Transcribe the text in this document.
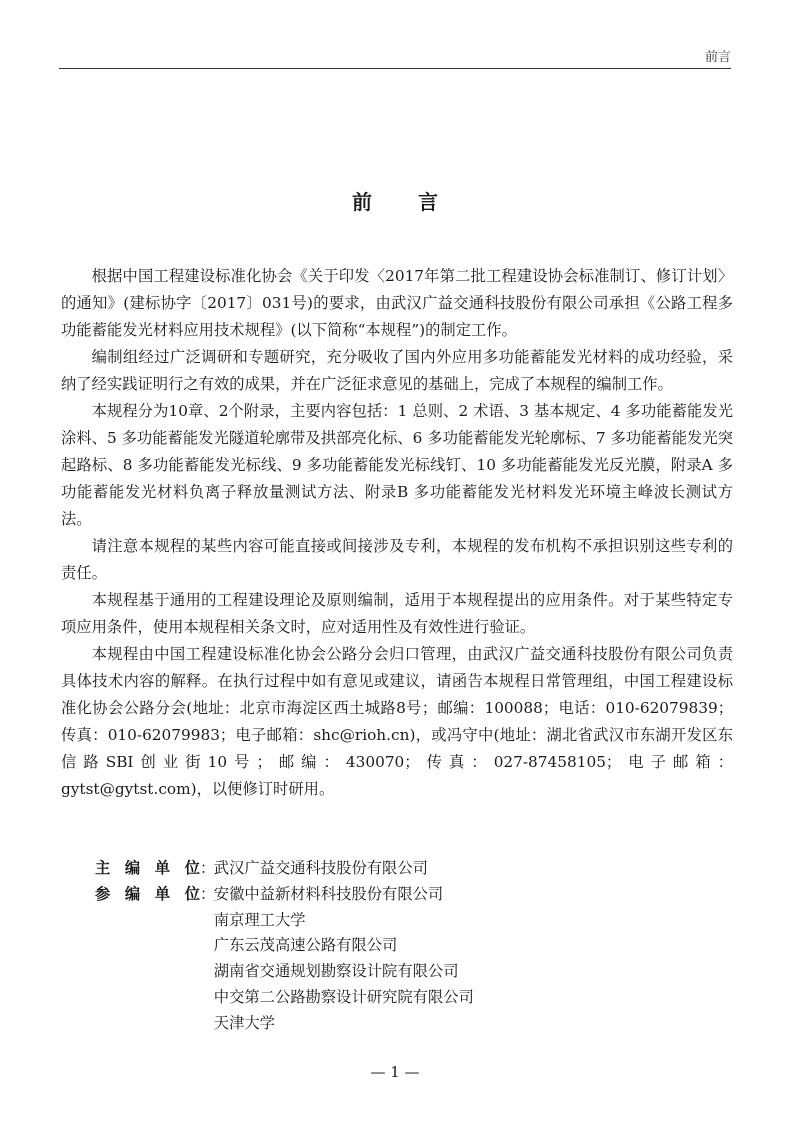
前言
前言

根据中国工程建设标准化协会《关于印发〈2017年第二批工程建设协会标准制订、修订计划〉的通知》(建标协字〔2017〕031号)的要求，由武汉广益交通科技股份有限公司承担《公路工程多功能蓄能发光材料应用技术规程》(以下简称“本规程”)的制定工作。

编制组经过广泛调研和专题研究，充分吸收了国内外应用多功能蓄能发光材料的成功经验，采纳了经实践证明行之有效的成果，并在广泛征求意见的基础上，完成了本规程的编制工作。

本规程分为10章、2个附录，主要内容包括：1 总则、2 术语、3 基本规定、4 多功能蓄能发光涂料、5 多功能蓄能发光隧道轮廓带及拱部亮化标、6 多功能蓄能发光轮廓标、7 多功能蓄能发光突起路标、8 多功能蓄能发光标线、9 多功能蓄能发光标线钉、10 多功能蓄能发光反光膜，附录A 多功能蓄能发光材料负离子释放量测试方法、附录B 多功能蓄能发光材料发光环境主峰波长测试方法。

请注意本规程的某些内容可能直接或间接涉及专利，本规程的发布机构不承担识别这些专利的责任。

本规程基于通用的工程建设理论及原则编制，适用于本规程提出的应用条件。对于某些特定专项应用条件，使用本规程相关条文时，应对适用性及有效性进行验证。

本规程由中国工程建设标准化协会公路分会归口管理，由武汉广益交通科技股份有限公司负责具体技术内容的解释。在执行过程中如有意见或建议，请函告本规程日常管理组，中国工程建设标准化协会公路分会(地址：北京市海淀区西土城路8号；邮编：100088；电话：010-62079839；传真：010-62079983；电子邮箱：shc@rioh.cn)，或冯守中(地址：湖北省武汉市东湖开发区东信路SBI创业街10号；邮编：430070；传真：027-87458105；电子邮箱：gytst@gytst.com)，以便修订时研用。

主 编 单 位 ：
武汉广益交通科技股份有限公司
参 编 单 位 ：
安徽中益新材料科技股份有限公司
南京理工大学
广东云茂高速公路有限公司
湖南省交通规划勘察设计院有限公司
中交第二公路勘察设计研究院有限公司
天津大学
— 1 —
